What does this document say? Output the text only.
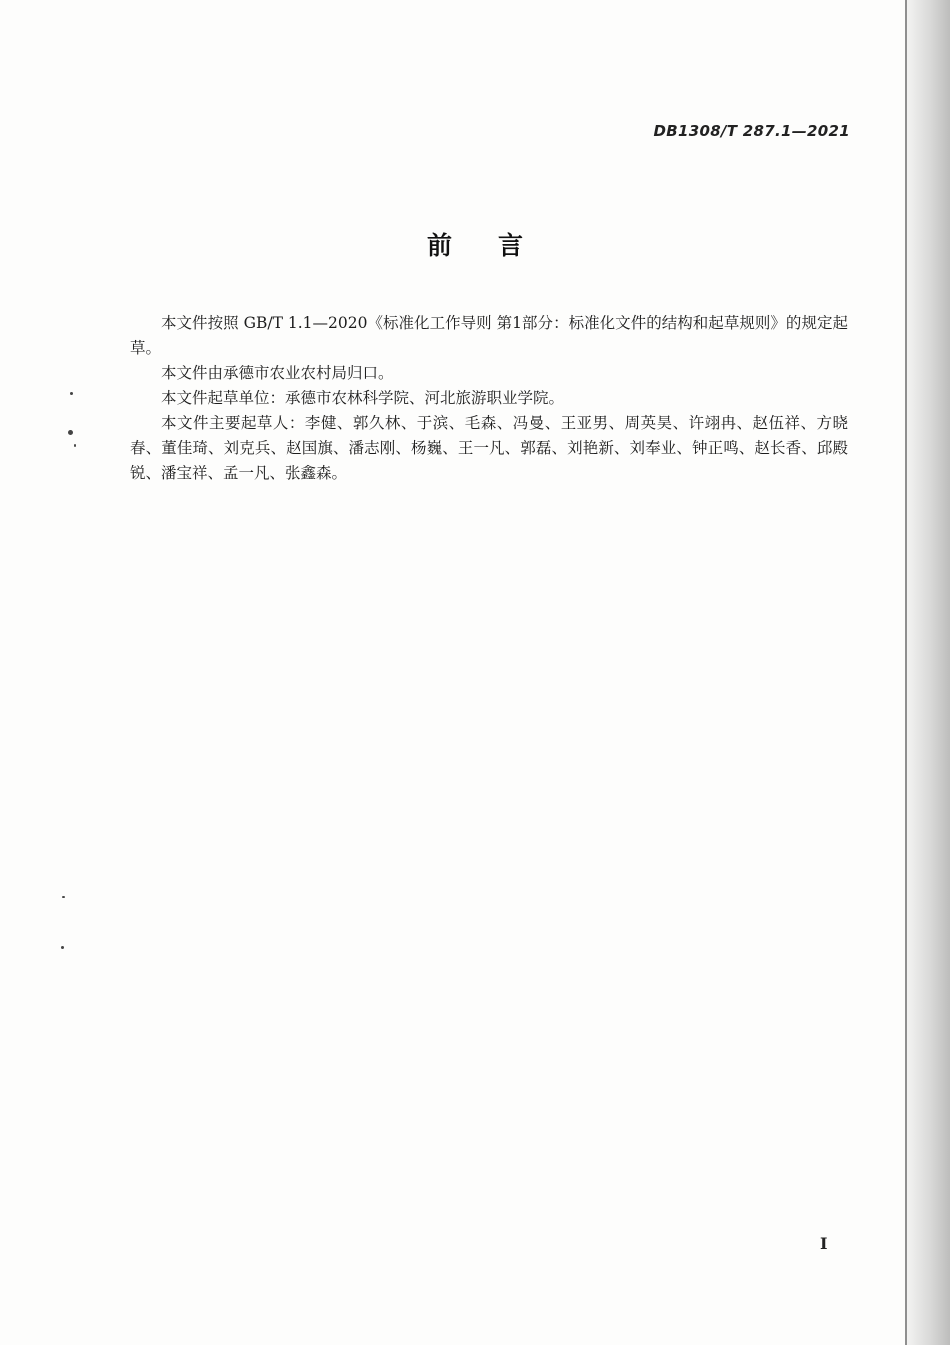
DB1308/T 287.1—2021
前言

本文件按照 GB/T 1.1—2020《标准化工作导则 第1部分：标准化文件的结构和起草规则》的规定起草。

本文件由承德市农业农村局归口。

本文件起草单位：承德市农林科学院、河北旅游职业学院。

本文件主要起草人：李健、郭久林、于滨、毛森、冯曼、王亚男、周英昊、许翊冉、赵伍祥、方晓春、董佳琦、刘克兵、赵国旗、潘志刚、杨巍、王一凡、郭磊、刘艳新、刘奉业、钟正鸣、赵长香、邱殿锐、潘宝祥、孟一凡、张鑫森。

I
